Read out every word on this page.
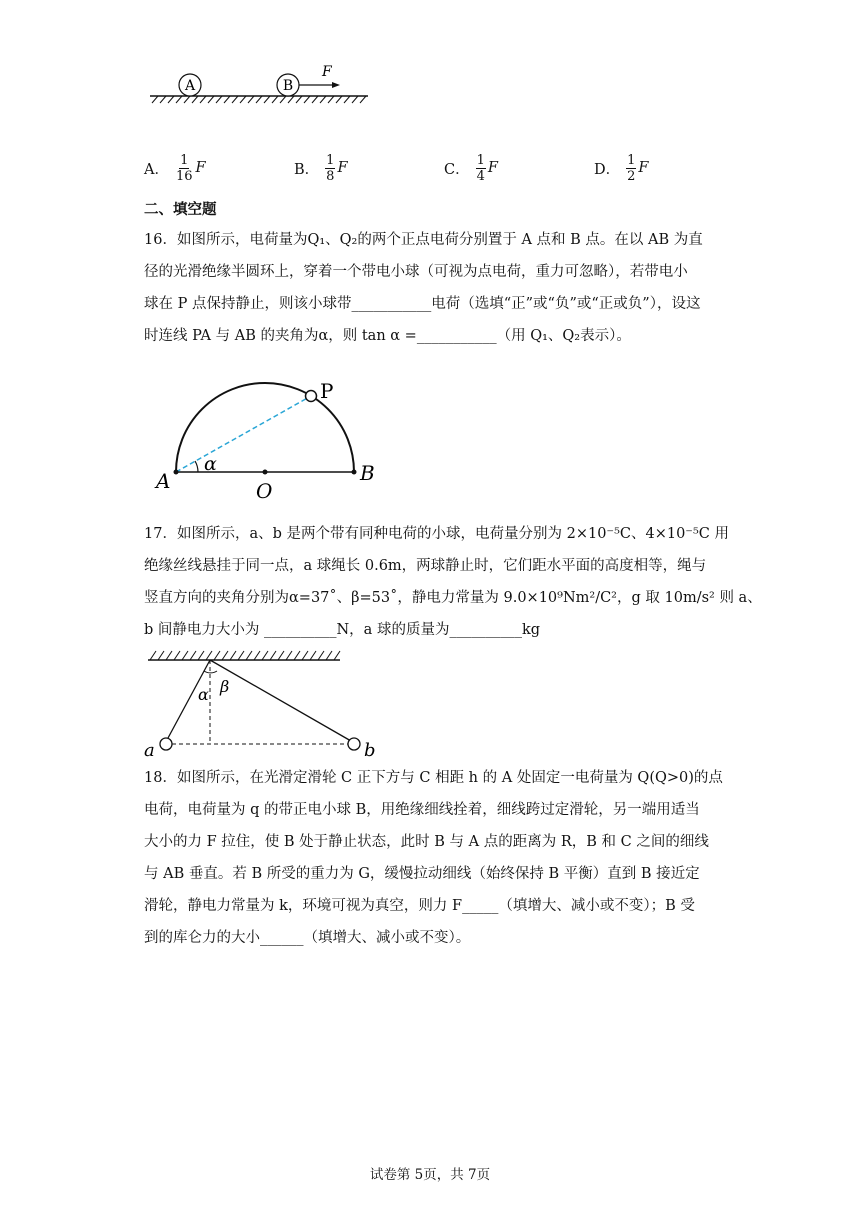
A	B
F
A． $\frac{1}{16}$ F	B． $\frac{1}{8}$ F	C． $\frac{1}{4}$ F	D． $\frac{1}{2}$ F
二、填空题
16．如图所示，电荷量为Q₁、Q₂的两个正点电荷分别置于 A 点和 B 点。在以 AB 为直
径的光滑绝缘半圆环上，穿着一个带电小球（可视为点电荷，重力可忽略），若带电小
球在 P 点保持静止，则该小球带___________电荷（选填“正”或“负”或“正或负”），设这
时连线 PA 与 AB 的夹角为α，则 tan α =___________（用 Q₁、Q₂表示）。
P
A	B
O
α
17．如图所示，a、b 是两个带有同种电荷的小球，电荷量分别为 2×10⁻⁵C、4×10⁻⁵C 用
绝缘丝线悬挂于同一点，a 球绳长 0.6m，两球静止时，它们距水平面的高度相等，绳与
竖直方向的夹角分别为α=37˚、β=53˚，静电力常量为 9.0×10⁹Nm²/C²，g 取 10m/s² 则 a、
b 间静电力大小为 __________N，a 球的质量为__________kg
α β
a	b
18．如图所示，在光滑定滑轮 C 正下方与 C 相距 h 的 A 处固定一电荷量为 Q(Q>0)的点
电荷，电荷量为 q 的带正电小球 B，用绝缘细线拴着，细线跨过定滑轮，另一端用适当
大小的力 F 拉住，使 B 处于静止状态，此时 B 与 A 点的距离为 R，B 和 C 之间的细线
与 AB 垂直。若 B 所受的重力为 G，缓慢拉动细线（始终保持 B 平衡）直到 B 接近定
滑轮，静电力常量为 k，环境可视为真空，则力 F_____（填增大、减小或不变）；B 受
到的库仑力的大小______（填增大、减小或不变）。
试卷第 5页，共 7页
